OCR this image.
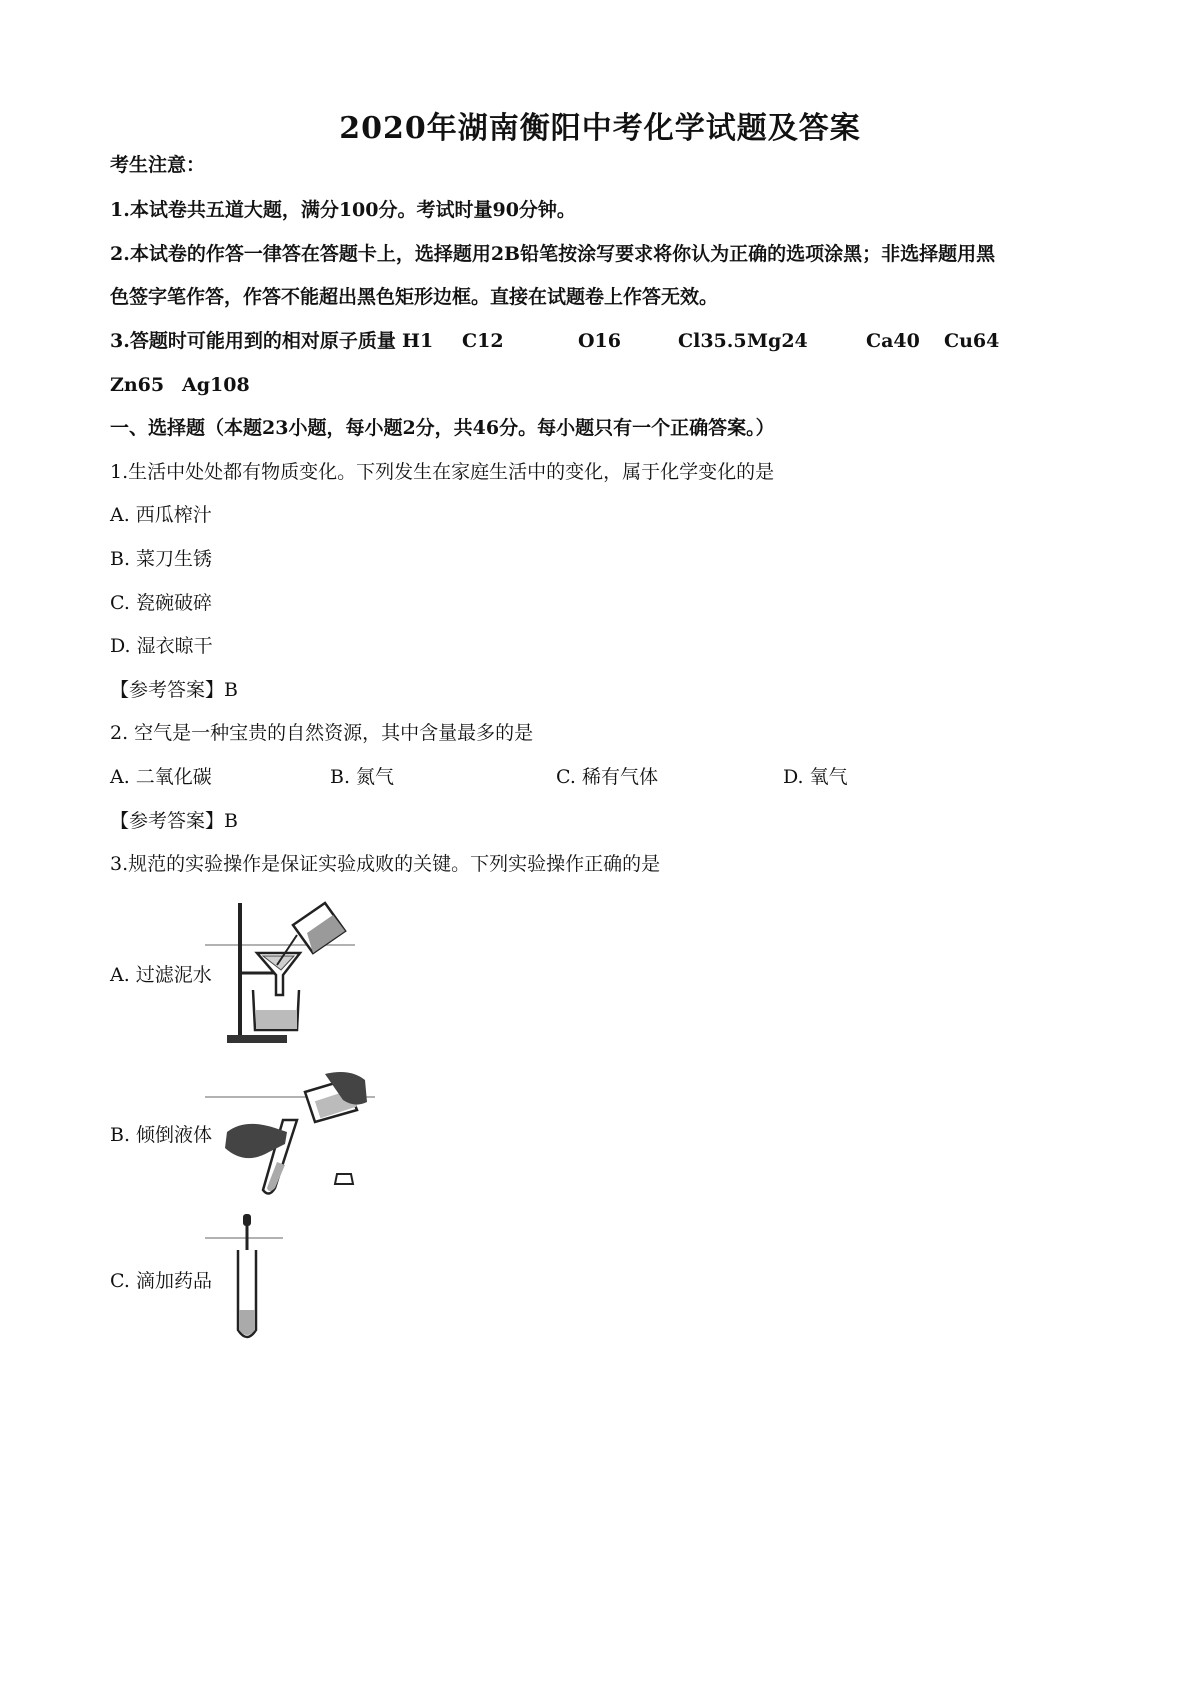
2020年湖南衡阳中考化学试题及答案
考生注意：
1.本试卷共五道大题，满分100分。考试时量90分钟。
2.本试卷的作答一律答在答题卡上，选择题用2B铅笔按涂写要求将你认为正确的选项涂黑；非选择题用黑
色签字笔作答，作答不能超出黑色矩形边框。直接在试题卷上作答无效。
3.答题时可能用到的相对原子质量 H1 C12	O16	Cl35.5 Mg24	Ca40 Cu64
Zn65 Ag108
一、选择题（本题23小题，每小题2分，共46分。每小题只有一个正确答案。）
1.生活中处处都有物质变化。下列发生在家庭生活中的变化，属于化学变化的是
A. 西瓜榨汁
B. 菜刀生锈
C. 瓷碗破碎
D. 湿衣晾干
【参考答案】B
2. 空气是一种宝贵的自然资源，其中含量最多的是
A. 二氧化碳	B. 氮气	C. 稀有气体	D. 氧气
【参考答案】B
3.规范的实验操作是保证实验成败的关键。下列实验操作正确的是
A. 过滤泥水
B. 倾倒液体
C. 滴加药品
